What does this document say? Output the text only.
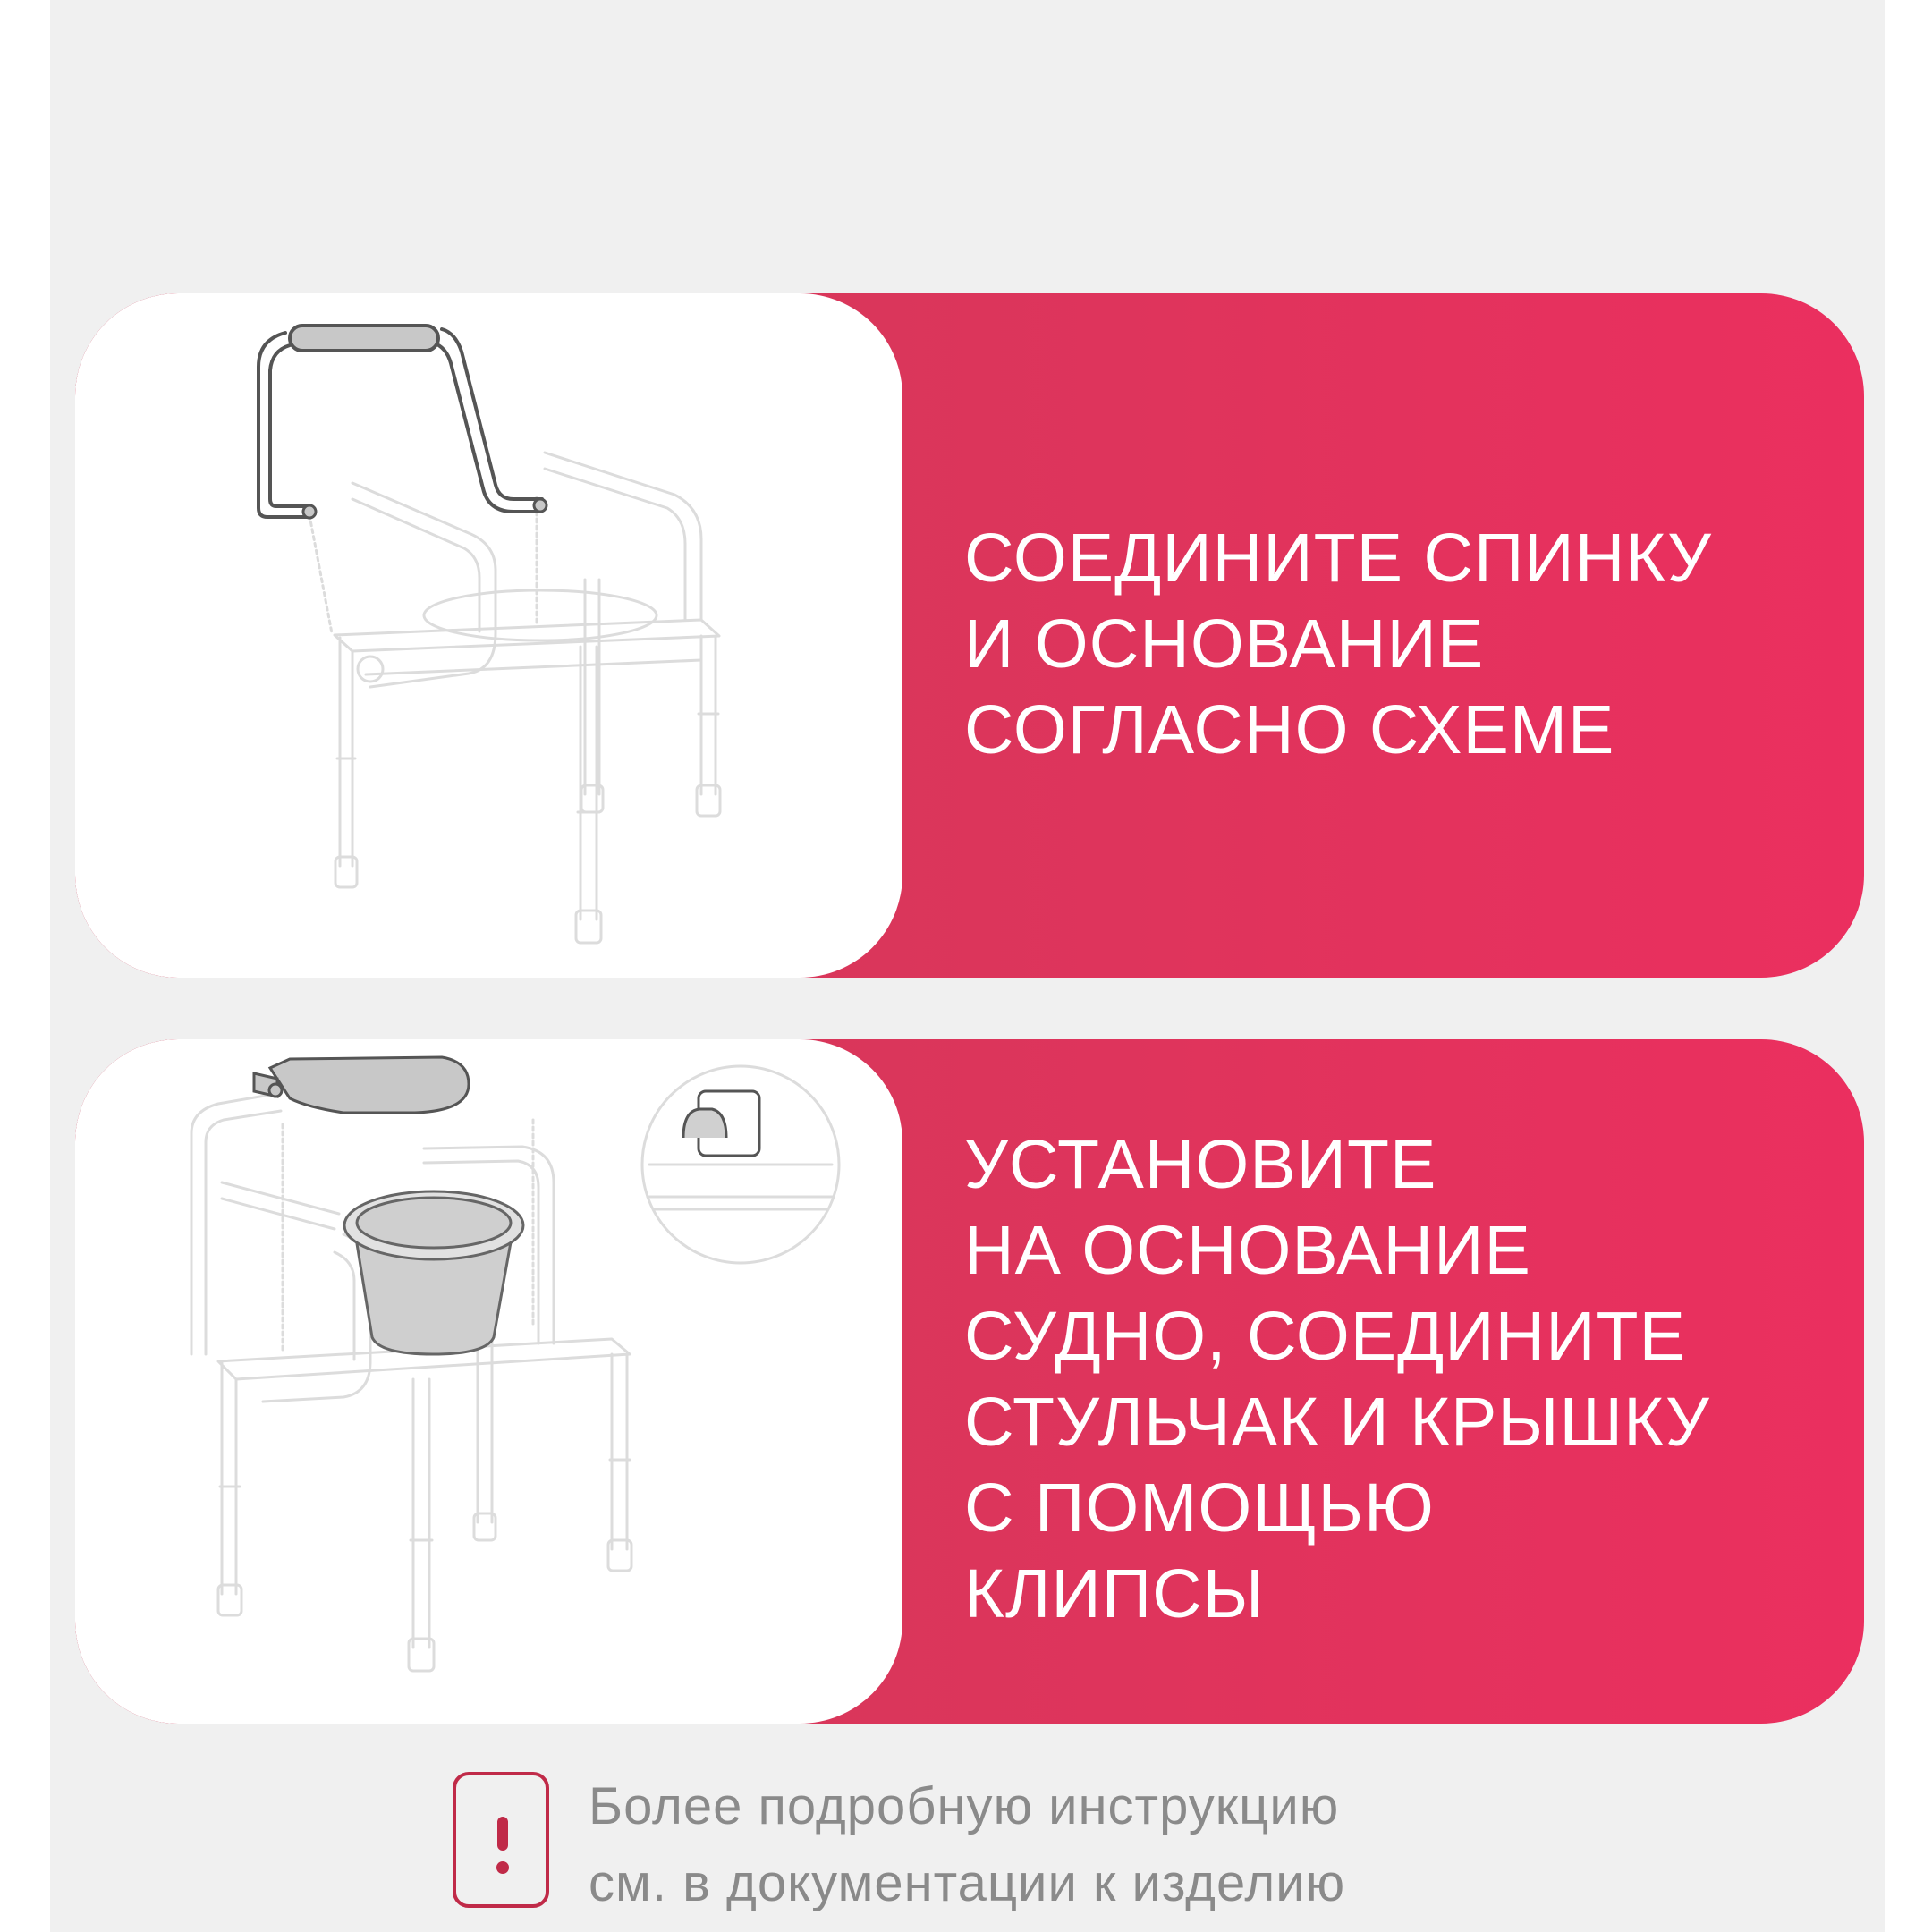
СОЕДИНИТЕ СПИНКУ
И ОСНОВАНИЕ
СОГЛАСНО СХЕМЕ
УСТАНОВИТЕ
НА ОСНОВАНИЕ
СУДНО, СОЕДИНИТЕ
СТУЛЬЧАК И КРЫШКУ
С ПОМОЩЬЮ
КЛИПСЫ
Более подробную инструкцию
см. в документации к изделию
